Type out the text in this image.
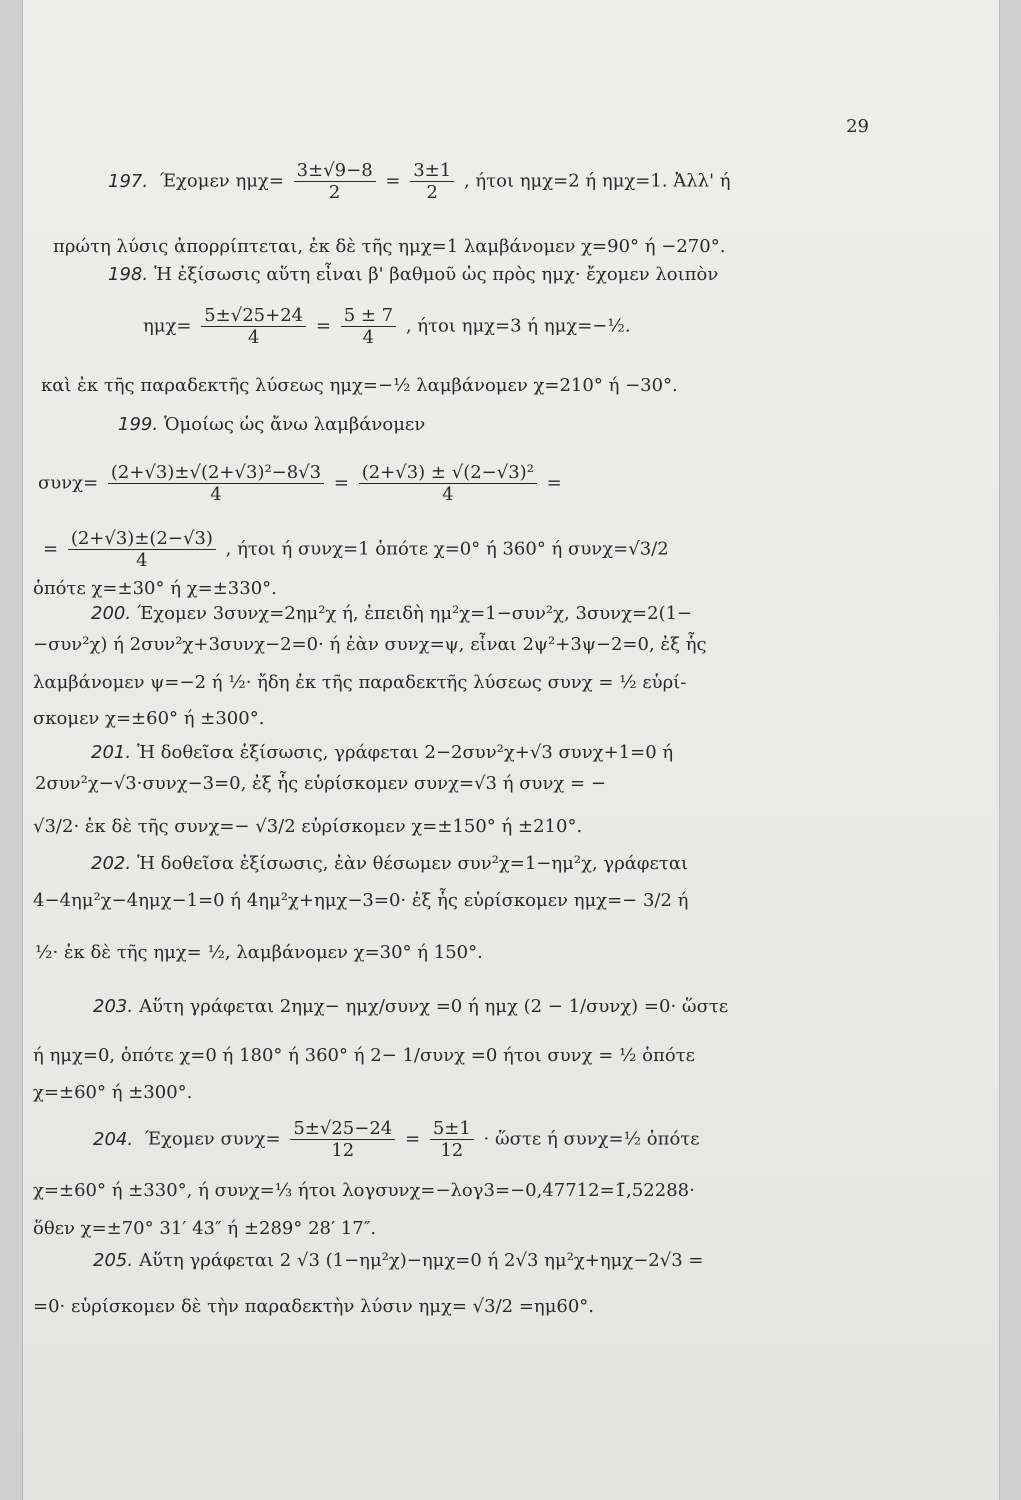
29
197. Έχομεν $\eta\mu\chi= \frac{3\pm√9-8}{2} = \frac{3\pm 1}{2}$ , ήτοι ημχ=2 ή ημχ=1. Ἀλλ' ή
πρώτη λύσις ἀπορρίπτεται, ἐκ δὲ τῆς ημχ=1 λαμβάνομεν χ=90° ή −270°.
198. Ἡ ἐξίσωσις αὕτη εἶναι β' βαθμοῦ ὡς πρὸς ημχ· ἔχομεν λοιπὸν
$\eta\mu\chi= \frac{5\pm√25+24}{4} = \frac{5 \pm 7}{4}$ , ήτοι ημχ=3 ή ημχ=−½.
καὶ ἐκ τῆς παραδεκτῆς λύσεως ημχ=−½ λαμβάνομεν χ=210° ή −30°.
199. Ὁμοίως ὡς ἄνω λαμβάνομεν
$\sigma\upsilon\nu\chi= \frac{\text{(2+√3)±√(2+√3)²−8√3}}{4} = \frac{\text{(2+√3) ± √(2−√3)²}}{4}$ =
= $\frac{(2+√3)\pm(2-√3)}{4}$ , ήτοι ή συνχ=1 ὁπότε χ=0° ή 360° ή συνχ=√3/2
ὁπότε χ=±30° ή χ=±330°.
200. Έχομεν 3συνχ=2ημ²χ ή, ἐπειδὴ ημ²χ=1−συν²χ, 3συνχ=2(1−
−συν²χ) ή 2συν²χ+3συνχ−2=0· ή ἐὰν συνχ=ψ, εἶναι 2ψ²+3ψ−2=0, ἐξ ἧς
λαμβάνομεν ψ=−2 ή ½· ἤδη ἐκ τῆς παραδεκτῆς λύσεως συνχ = ½ εὑρί-
σκομεν χ=±60° ή ±300°.
201. Ἡ δοθεῖσα ἐξίσωσις, γράφεται 2−2συν²χ+√3 συνχ+1=0 ή
2συν²χ−√3·συνχ−3=0, ἐξ ἧς εὑρίσκομεν συνχ=√3 ή συνχ = −
√3/2· ἐκ δὲ τῆς συνχ=− √3/2 εὑρίσκομεν χ=±150° ή ±210°.
202. Ἡ δοθεῖσα ἐξίσωσις, ἐὰν θέσωμεν συν²χ=1−ημ²χ, γράφεται
4−4ημ²χ−4ημχ−1=0 ή 4ημ²χ+ημχ−3=0· ἐξ ἧς εὑρίσκομεν ημχ=− 3/2 ή
½· ἐκ δὲ τῆς ημχ= ½, λαμβάνομεν χ=30° ή 150°.
203. Αὕτη γράφεται 2ημχ− ημχ/συνχ =0 ή ημχ (2 − 1/συνχ) =0· ὥστε
ή ημχ=0, ὁπότε χ=0 ή 180° ή 360° ή 2− 1/συνχ =0 ήτοι συνχ = ½ ὁπότε
χ=±60° ή ±300°.
204. Έχομεν $\sigma\upsilon\nu\chi= \frac{5\pm√25-24}{12} = \frac{5\pm 1}{12}$ · ὥστε ή συνχ=½ ὁπότε
χ=±60° ή ±330°, ή συνχ=⅓ ήτοι λογσυνχ=−λογ3=−0,47712=1̄,52288·
ὅθεν χ=±70° 31′ 43″ ή ±289° 28′ 17″.
205. Αὕτη γράφεται 2 √3 (1−ημ²χ)−ημχ=0 ή 2√3 ημ²χ+ημχ−2√3 =
=0· εὑρίσκομεν δὲ τὴν παραδεκτὴν λύσιν ημχ= √3/2 =ημ60°.
